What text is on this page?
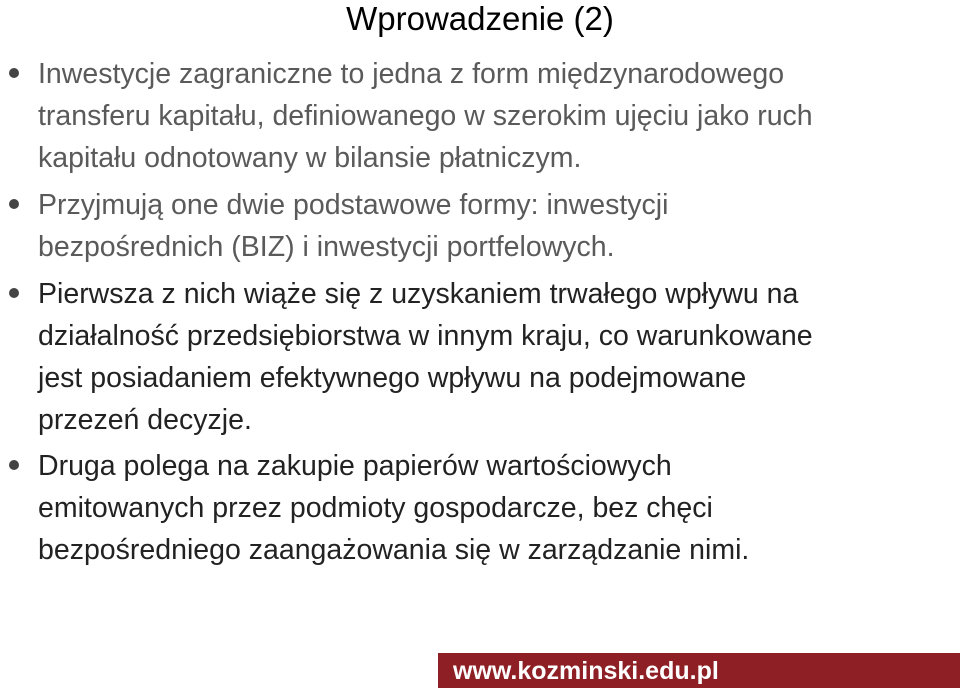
Wprowadzenie (2)
Inwestycje zagraniczne to jedna z form międzynarodowego
transferu kapitału, definiowanego w szerokim ujęciu jako ruch
kapitału odnotowany w bilansie płatniczym.
Przyjmują one dwie podstawowe formy: inwestycji
bezpośrednich (BIZ) i inwestycji portfelowych.
Pierwsza z nich wiąże się z uzyskaniem trwałego wpływu na
działalność przedsiębiorstwa w innym kraju, co warunkowane
jest posiadaniem efektywnego wpływu na podejmowane
przezeń decyzje.
Druga polega na zakupie papierów wartościowych
emitowanych przez podmioty gospodarcze, bez chęci
bezpośredniego zaangażowania się w zarządzanie nimi.
www.kozminski.edu.pl
